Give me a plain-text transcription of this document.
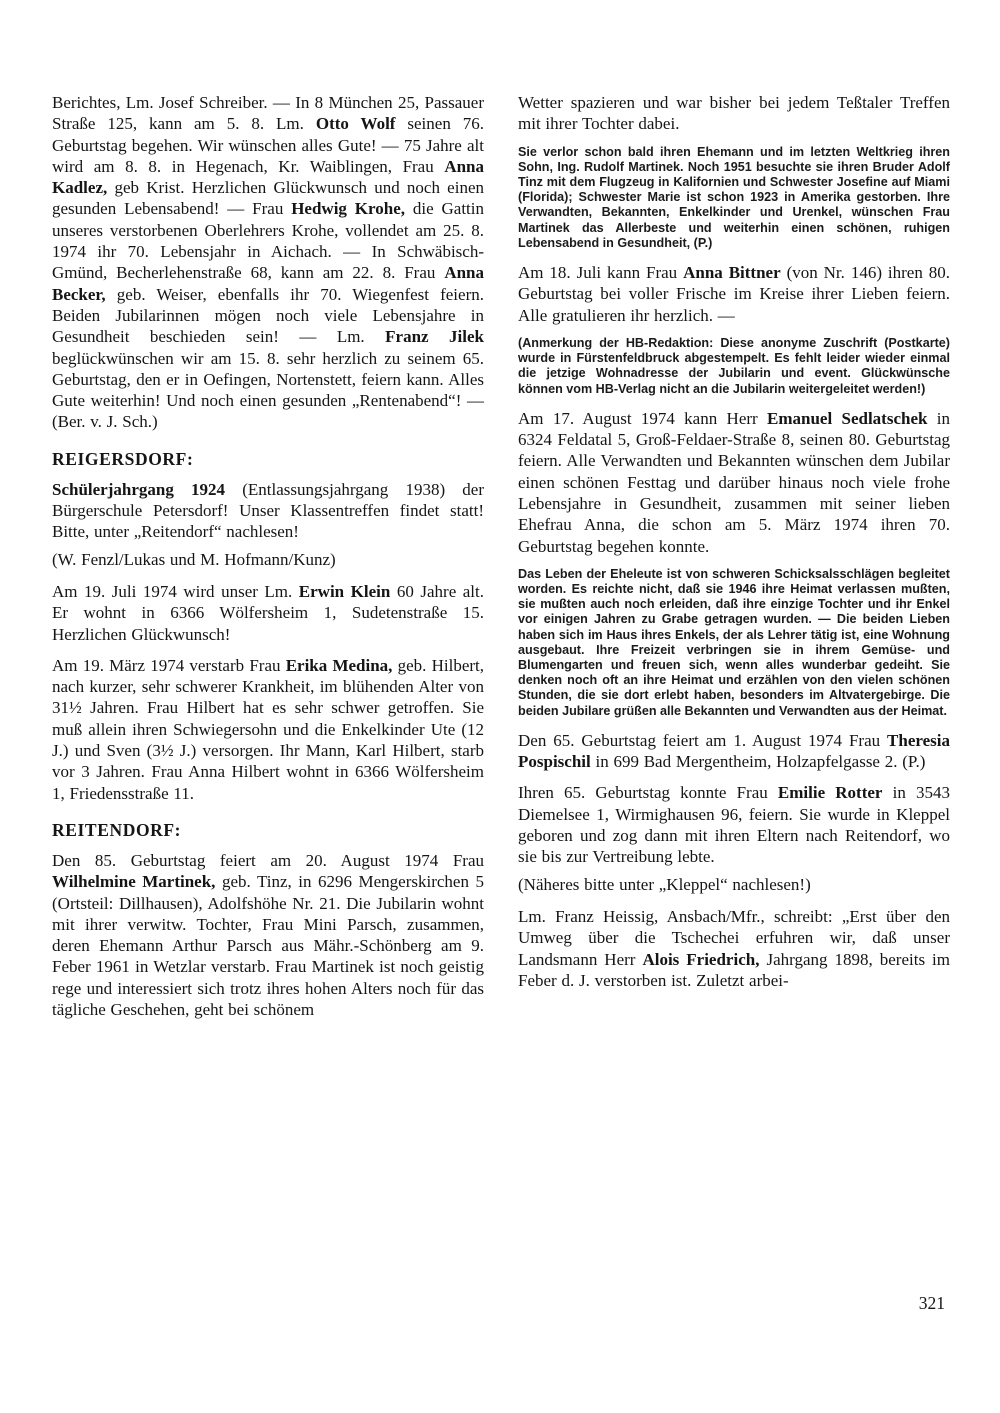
Berichtes, Lm. Josef Schreiber. — In 8 München 25, Passauer Straße 125, kann am 5. 8. Lm. Otto Wolf seinen 76. Geburtstag begehen. Wir wünschen alles Gute! — 75 Jahre alt wird am 8. 8. in Hegenach, Kr. Waiblingen, Frau Anna Kadlez, geb Krist. Herzlichen Glückwunsch und noch einen gesunden Lebensabend! — Frau Hedwig Krohe, die Gattin unseres verstorbenen Oberlehrers Krohe, vollendet am 25. 8. 1974 ihr 70. Lebensjahr in Aichach. — In Schwäbisch-Gmünd, Becherlehenstraße 68, kann am 22. 8. Frau Anna Becker, geb. Weiser, ebenfalls ihr 70. Wiegenfest feiern. Beiden Jubilarinnen mögen noch viele Lebensjahre in Gesundheit beschieden sein! — Lm. Franz Jilek beglückwünschen wir am 15. 8. sehr herzlich zu seinem 65. Geburtstag, den er in Oefingen, Nortenstett, feiern kann. Alles Gute weiterhin! Und noch einen gesunden „Rentenabend“! — (Ber. v. J. Sch.)

REIGERSDORF:

Schülerjahrgang 1924 (Entlassungsjahrgang 1938) der Bürgerschule Petersdorf! Unser Klassentreffen findet statt! Bitte, unter „Reitendorf“ nachlesen!

(W. Fenzl/Lukas und M. Hofmann/Kunz)

Am 19. Juli 1974 wird unser Lm. Erwin Klein 60 Jahre alt. Er wohnt in 6366 Wölfersheim 1, Sudetenstraße 15. Herzlichen Glückwunsch!

Am 19. März 1974 verstarb Frau Erika Medina, geb. Hilbert, nach kurzer, sehr schwerer Krankheit, im blühenden Alter von 31½ Jahren. Frau Hilbert hat es sehr schwer getroffen. Sie muß allein ihren Schwiegersohn und die Enkelkinder Ute (12 J.) und Sven (3½ J.) versorgen. Ihr Mann, Karl Hilbert, starb vor 3 Jahren. Frau Anna Hilbert wohnt in 6366 Wölfersheim 1, Friedensstraße 11.

REITENDORF:

Den 85. Geburtstag feiert am 20. August 1974 Frau Wilhelmine Martinek, geb. Tinz, in 6296 Mengerskirchen 5 (Ortsteil: Dillhausen), Adolfshöhe Nr. 21. Die Jubilarin wohnt mit ihrer verwitw. Tochter, Frau Mini Parsch, zusammen, deren Ehemann Arthur Parsch aus Mähr.-Schönberg am 9. Feber 1961 in Wetzlar verstarb. Frau Martinek ist noch geistig rege und interessiert sich trotz ihres hohen Alters noch für das tägliche Geschehen, geht bei schönem

Wetter spazieren und war bisher bei jedem Teßtaler Treffen mit ihrer Tochter dabei.

Sie verlor schon bald ihren Ehemann und im letzten Weltkrieg ihren Sohn, Ing. Rudolf Martinek. Noch 1951 besuchte sie ihren Bruder Adolf Tinz mit dem Flugzeug in Kalifornien und Schwester Josefine auf Miami (Florida); Schwester Marie ist schon 1923 in Amerika gestorben. Ihre Verwandten, Bekannten, Enkelkinder und Urenkel, wünschen Frau Martinek das Allerbeste und weiterhin einen schönen, ruhigen Lebensabend in Gesundheit, (P.)

Am 18. Juli kann Frau Anna Bittner (von Nr. 146) ihren 80. Geburtstag bei voller Frische im Kreise ihrer Lieben feiern. Alle gratulieren ihr herzlich. —

(Anmerkung der HB-Redaktion: Diese anonyme Zuschrift (Postkarte) wurde in Fürstenfeldbruck abgestempelt. Es fehlt leider wieder einmal die jetzige Wohnadresse der Jubilarin und event. Glückwünsche können vom HB-Verlag nicht an die Jubilarin weitergeleitet werden!)

Am 17. August 1974 kann Herr Emanuel Sedlatschek in 6324 Feldatal 5, Groß-Feldaer-Straße 8, seinen 80. Geburtstag feiern. Alle Verwandten und Bekannten wünschen dem Jubilar einen schönen Festtag und darüber hinaus noch viele frohe Lebensjahre in Gesundheit, zusammen mit seiner lieben Ehefrau Anna, die schon am 5. März 1974 ihren 70. Geburtstag begehen konnte.

Das Leben der Eheleute ist von schweren Schicksalsschlägen begleitet worden. Es reichte nicht, daß sie 1946 ihre Heimat verlassen mußten, sie mußten auch noch erleiden, daß ihre einzige Tochter und ihr Enkel vor einigen Jahren zu Grabe getragen wurden. — Die beiden Lieben haben sich im Haus ihres Enkels, der als Lehrer tätig ist, eine Wohnung ausgebaut. Ihre Freizeit verbringen sie in ihrem Gemüse- und Blumengarten und freuen sich, wenn alles wunderbar gedeiht. Sie denken noch oft an ihre Heimat und erzählen von den vielen schönen Stunden, die sie dort erlebt haben, besonders im Altvatergebirge. Die beiden Jubilare grüßen alle Bekannten und Verwandten aus der Heimat.

Den 65. Geburtstag feiert am 1. August 1974 Frau Theresia Pospischil in 699 Bad Mergentheim, Holzapfelgasse 2. (P.)

Ihren 65. Geburtstag konnte Frau Emilie Rotter in 3543 Diemelsee 1, Wirmighausen 96, feiern. Sie wurde in Kleppel geboren und zog dann mit ihren Eltern nach Reitendorf, wo sie bis zur Vertreibung lebte.

(Näheres bitte unter „Kleppel“ nachlesen!)

Lm. Franz Heissig, Ansbach/Mfr., schreibt: „Erst über den Umweg über die Tschechei erfuhren wir, daß unser Landsmann Herr Alois Friedrich, Jahrgang 1898, bereits im Feber d. J. verstorben ist. Zuletzt arbei-

321
